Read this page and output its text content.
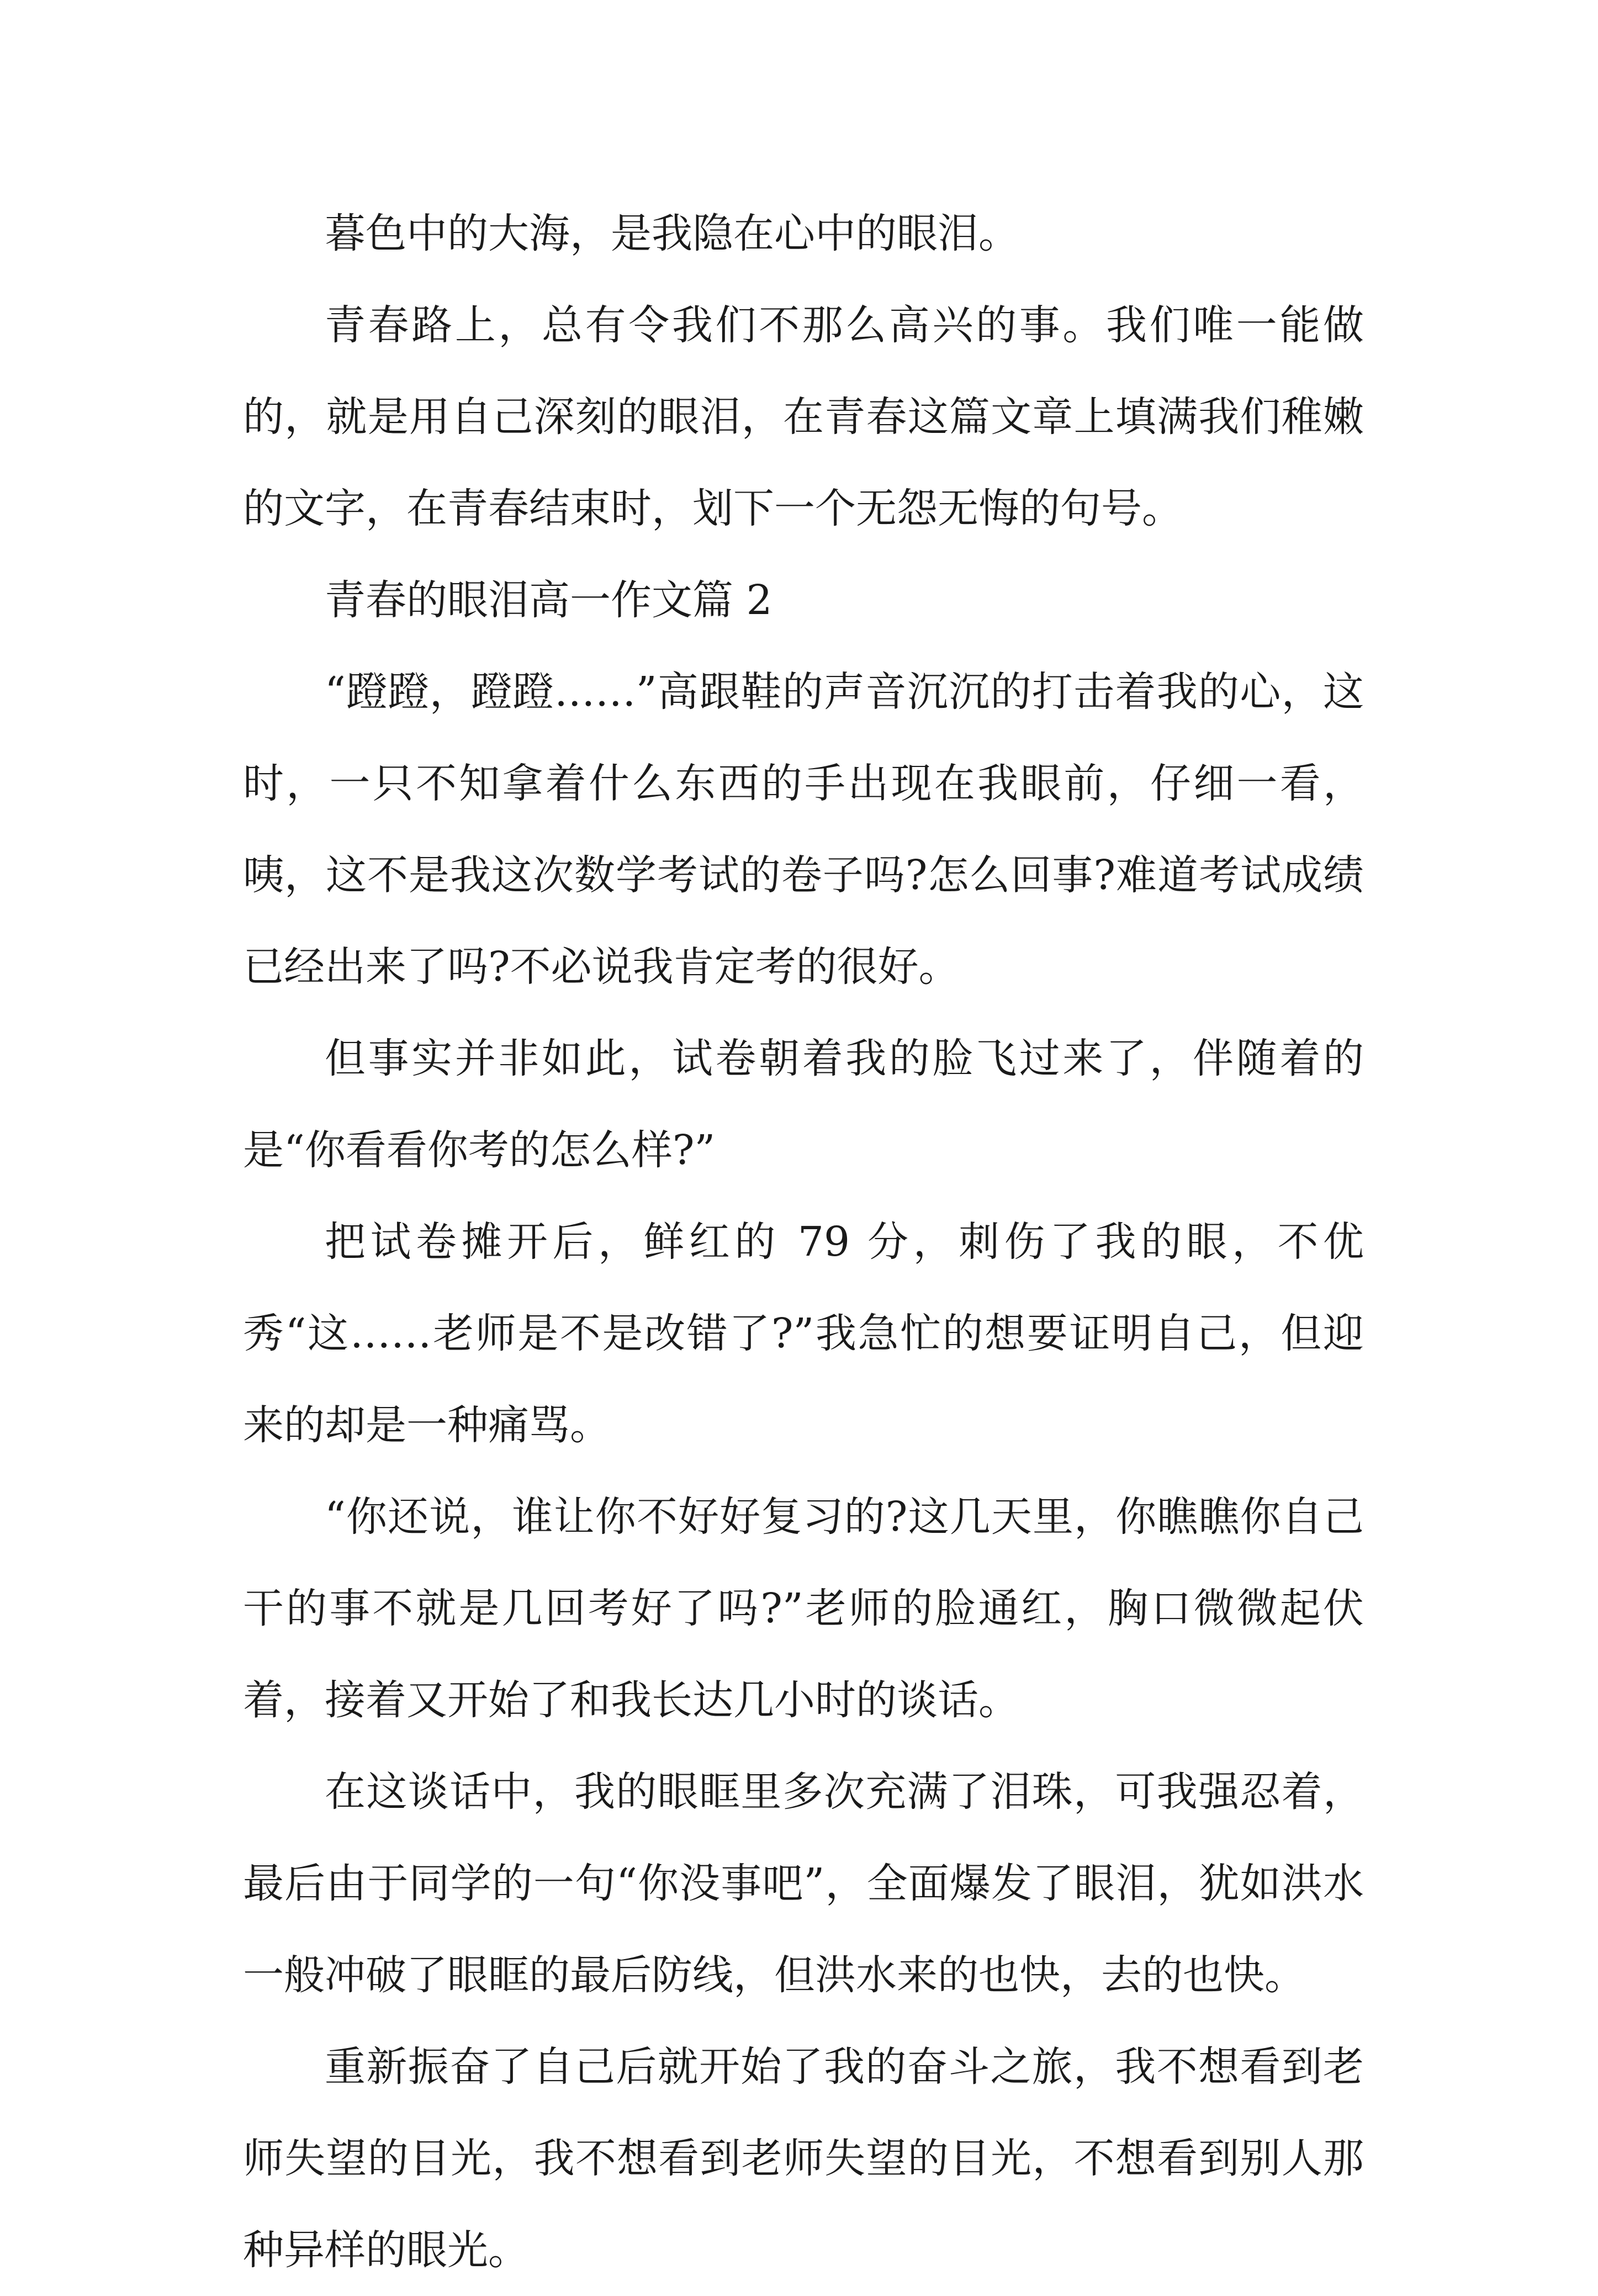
暮色中的大海，是我隐在心中的眼泪。

青春路上，总有令我们不那么高兴的事。我们唯一能做的，就是用自己深刻的眼泪，在青春这篇文章上填满我们稚嫩的文字，在青春结束时，划下一个无怨无悔的句号。

青春的眼泪高一作文篇 2

“蹬蹬，蹬蹬……”高跟鞋的声音沉沉的打击着我的心，这时，一只不知拿着什么东西的手出现在我眼前，仔细一看，咦，这不是我这次数学考试的卷子吗?怎么回事?难道考试成绩已经出来了吗?不必说我肯定考的很好。

但事实并非如此，试卷朝着我的脸飞过来了，伴随着的是“你看看你考的怎么样?”

把试卷摊开后，鲜红的 79 分，刺伤了我的眼，不优秀“这……老师是不是改错了?”我急忙的想要证明自己，但迎来的却是一种痛骂。

“你还说，谁让你不好好复习的?这几天里，你瞧瞧你自己干的事不就是几回考好了吗?”老师的脸通红，胸口微微起伏着，接着又开始了和我长达几小时的谈话。

在这谈话中，我的眼眶里多次充满了泪珠，可我强忍着，最后由于同学的一句“你没事吧”，全面爆发了眼泪，犹如洪水一般冲破了眼眶的最后防线，但洪水来的也快，去的也快。

重新振奋了自己后就开始了我的奋斗之旅，我不想看到老师失望的目光，我不想看到老师失望的目光，不想看到别人那种异样的眼光。
